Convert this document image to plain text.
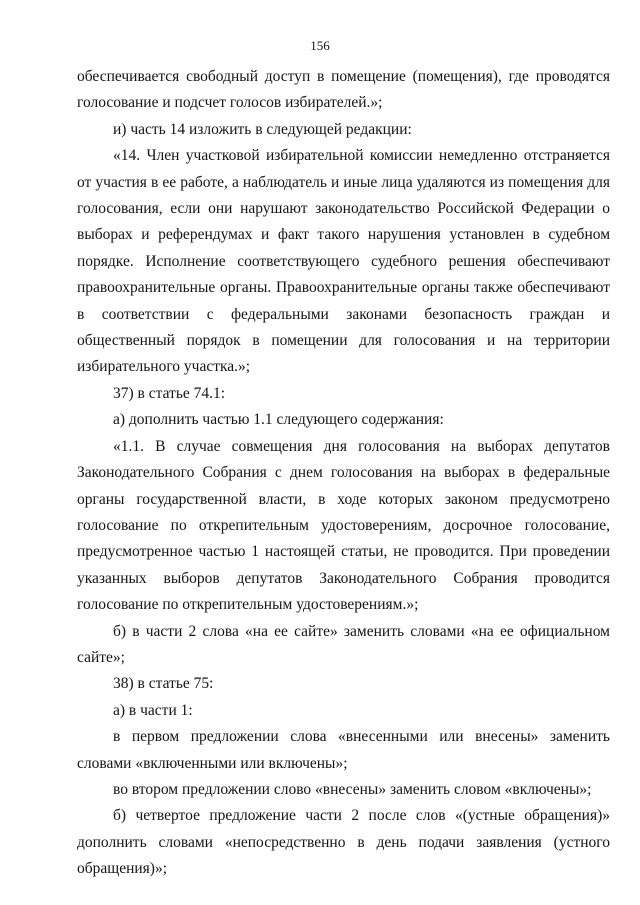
156

обеспечивается свободный доступ в помещение (помещения), где проводятся голосование и подсчет голосов избирателей.»;

и) часть 14 изложить в следующей редакции:

«14. Член участковой избирательной комиссии немедленно отстраняется от участия в ее работе, а наблюдатель и иные лица удаляются из помещения для голосования, если они нарушают законодательство Российской Федерации о выборах и референдумах и факт такого нарушения установлен в судебном порядке. Исполнение соответствующего судебного решения обеспечивают правоохранительные органы. Правоохранительные органы также обеспечивают в соответствии с федеральными законами безопасность граждан и общественный порядок в помещении для голосования и на территории избирательного участка.»;

37) в статье 74.1:

а) дополнить частью 1.1 следующего содержания:

«1.1. В случае совмещения дня голосования на выборах депутатов Законодательного Собрания с днем голосования на выборах в федеральные органы государственной власти, в ходе которых законом предусмотрено голосование по открепительным удостоверениям, досрочное голосование, предусмотренное частью 1 настоящей статьи, не проводится. При проведении указанных выборов депутатов Законодательного Собрания проводится голосование по открепительным удостоверениям.»;

б) в части 2 слова «на ее сайте» заменить словами «на ее официальном сайте»;

38) в статье 75:

а) в части 1:

в первом предложении слова «внесенными или внесены» заменить словами «включенными или включены»;

во втором предложении слово «внесены» заменить словом «включены»;

б) четвертое предложение части 2 после слов «(устные обращения)» дополнить словами «непосредственно в день подачи заявления (устного обращения)»;
